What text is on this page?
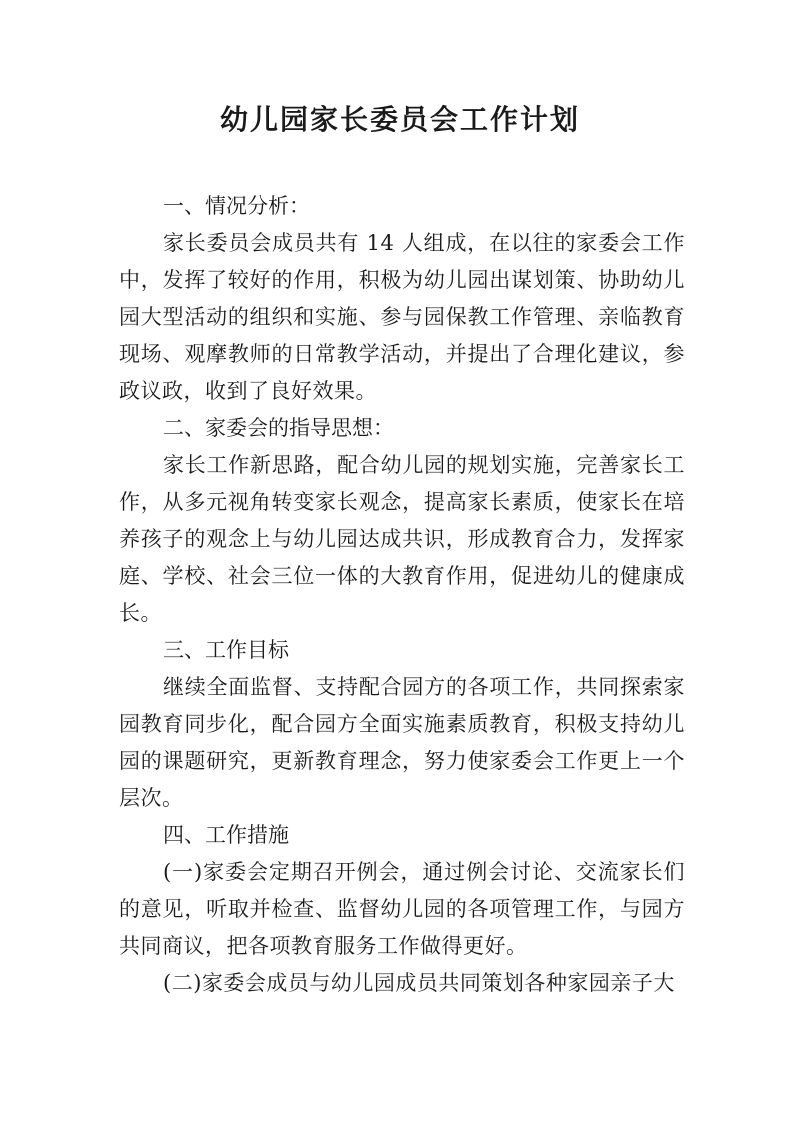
幼儿园家长委员会工作计划

一、情况分析：

家长委员会成员共有 14 人组成，在以往的家委会工作中，发挥了较好的作用，积极为幼儿园出谋划策、协助幼儿园大型活动的组织和实施、参与园保教工作管理、亲临教育现场、观摩教师的日常教学活动，并提出了合理化建议，参政议政，收到了良好效果。

二、家委会的指导思想：

家长工作新思路，配合幼儿园的规划实施，完善家长工作，从多元视角转变家长观念，提高家长素质，使家长在培养孩子的观念上与幼儿园达成共识，形成教育合力，发挥家庭、学校、社会三位一体的大教育作用，促进幼儿的健康成长。

三、工作目标

继续全面监督、支持配合园方的各项工作，共同探索家园教育同步化，配合园方全面实施素质教育，积极支持幼儿园的课题研究，更新教育理念，努力使家委会工作更上一个层次。

四、工作措施

(一)家委会定期召开例会，通过例会讨论、交流家长们的意见，听取并检查、监督幼儿园的各项管理工作，与园方共同商议，把各项教育服务工作做得更好。

(二)家委会成员与幼儿园成员共同策划各种家园亲子大
